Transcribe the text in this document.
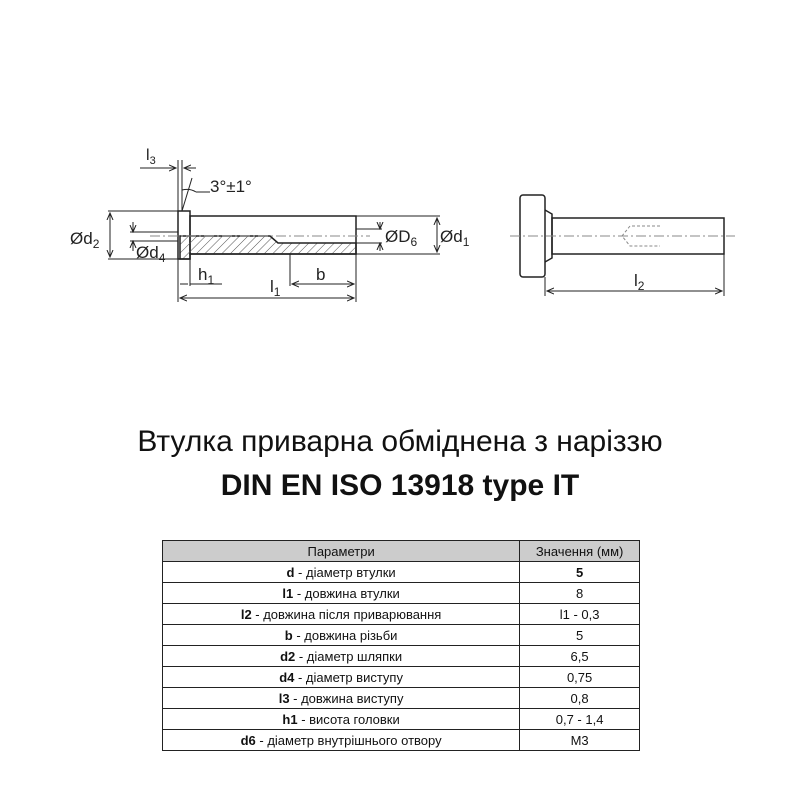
$l_3$
3°±1°
$Ød_2$ $Ød_4$
$ØD_6$ $Ød_1$
$h_1$	b
$l_1$
$l_2$
Втулка приварна обміднена з наріззю
DIN EN ISO 13918 type IT
Параметри	Значення (мм)
d - діаметр втулки	5
l1 - довжина втулки	8
l2 - довжина після приварювання	l1 - 0,3
b - довжина різьби	5
d2 - діаметр шляпки	6,5
d4 - діаметр виступу	0,75
l3 - довжина виступу	0,8
h1 - висота головки	0,7 - 1,4
d6 - діаметр внутрішнього отвору	M3
